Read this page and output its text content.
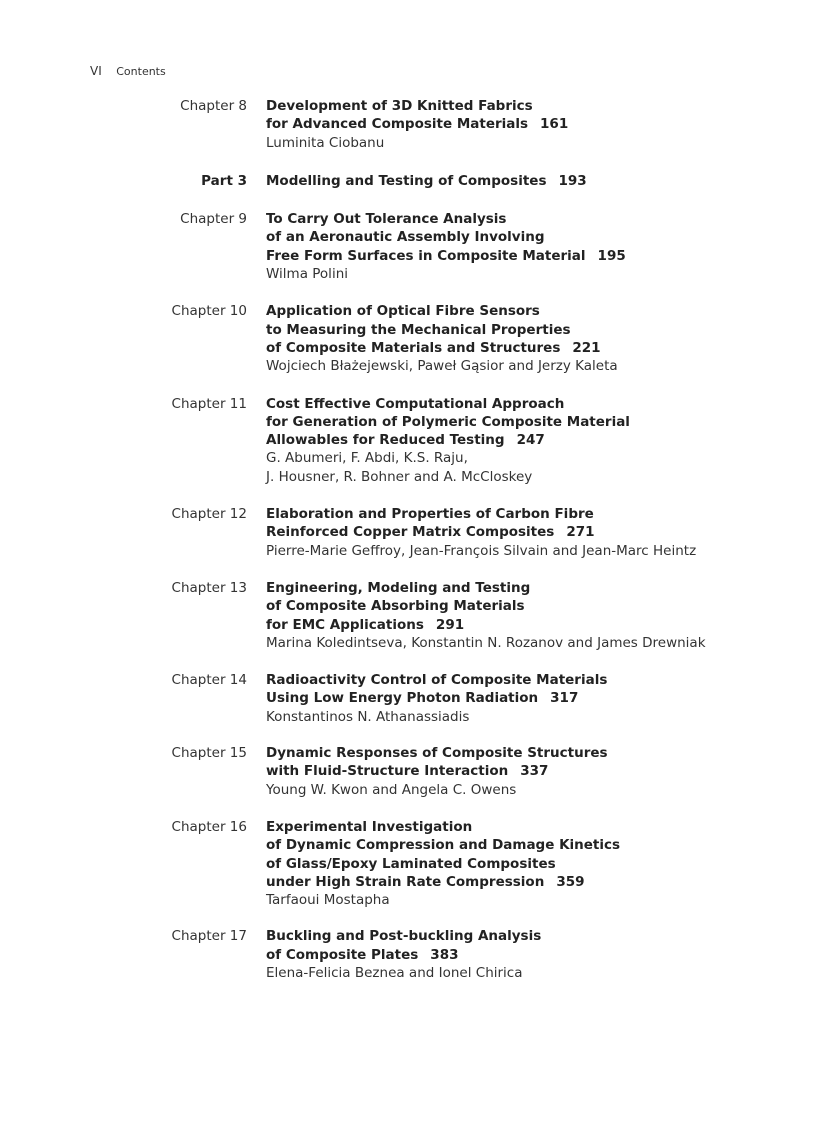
VI Contents
Chapter 8 Development of 3D Knitted Fabrics
for Advanced Composite Materials 161
Luminita Ciobanu
Part 3 Modelling and Testing of Composites 193
Chapter 9 To Carry Out Tolerance Analysis
of an Aeronautic Assembly Involving
Free Form Surfaces in Composite Material 195
Wilma Polini
Chapter 10 Application of Optical Fibre Sensors
to Measuring the Mechanical Properties
of Composite Materials and Structures 221
Wojciech Błażejewski, Paweł Gąsior and Jerzy Kaleta
Chapter 11 Cost Effective Computational Approach
for Generation of Polymeric Composite Material
Allowables for Reduced Testing 247
G. Abumeri, F. Abdi, K.S. Raju,
J. Housner, R. Bohner and A. McCloskey
Chapter 12 Elaboration and Properties of Carbon Fibre
Reinforced Copper Matrix Composites 271
Pierre-Marie Geffroy, Jean-François Silvain and Jean-Marc Heintz
Chapter 13 Engineering, Modeling and Testing
of Composite Absorbing Materials
for EMC Applications 291
Marina Koledintseva, Konstantin N. Rozanov and James Drewniak
Chapter 14 Radioactivity Control of Composite Materials
Using Low Energy Photon Radiation 317
Konstantinos N. Athanassiadis
Chapter 15 Dynamic Responses of Composite Structures
with Fluid-Structure Interaction 337
Young W. Kwon and Angela C. Owens
Chapter 16 Experimental Investigation
of Dynamic Compression and Damage Kinetics
of Glass/Epoxy Laminated Composites
under High Strain Rate Compression 359
Tarfaoui Mostapha
Chapter 17 Buckling and Post-buckling Analysis
of Composite Plates 383
Elena-Felicia Beznea and Ionel Chirica
